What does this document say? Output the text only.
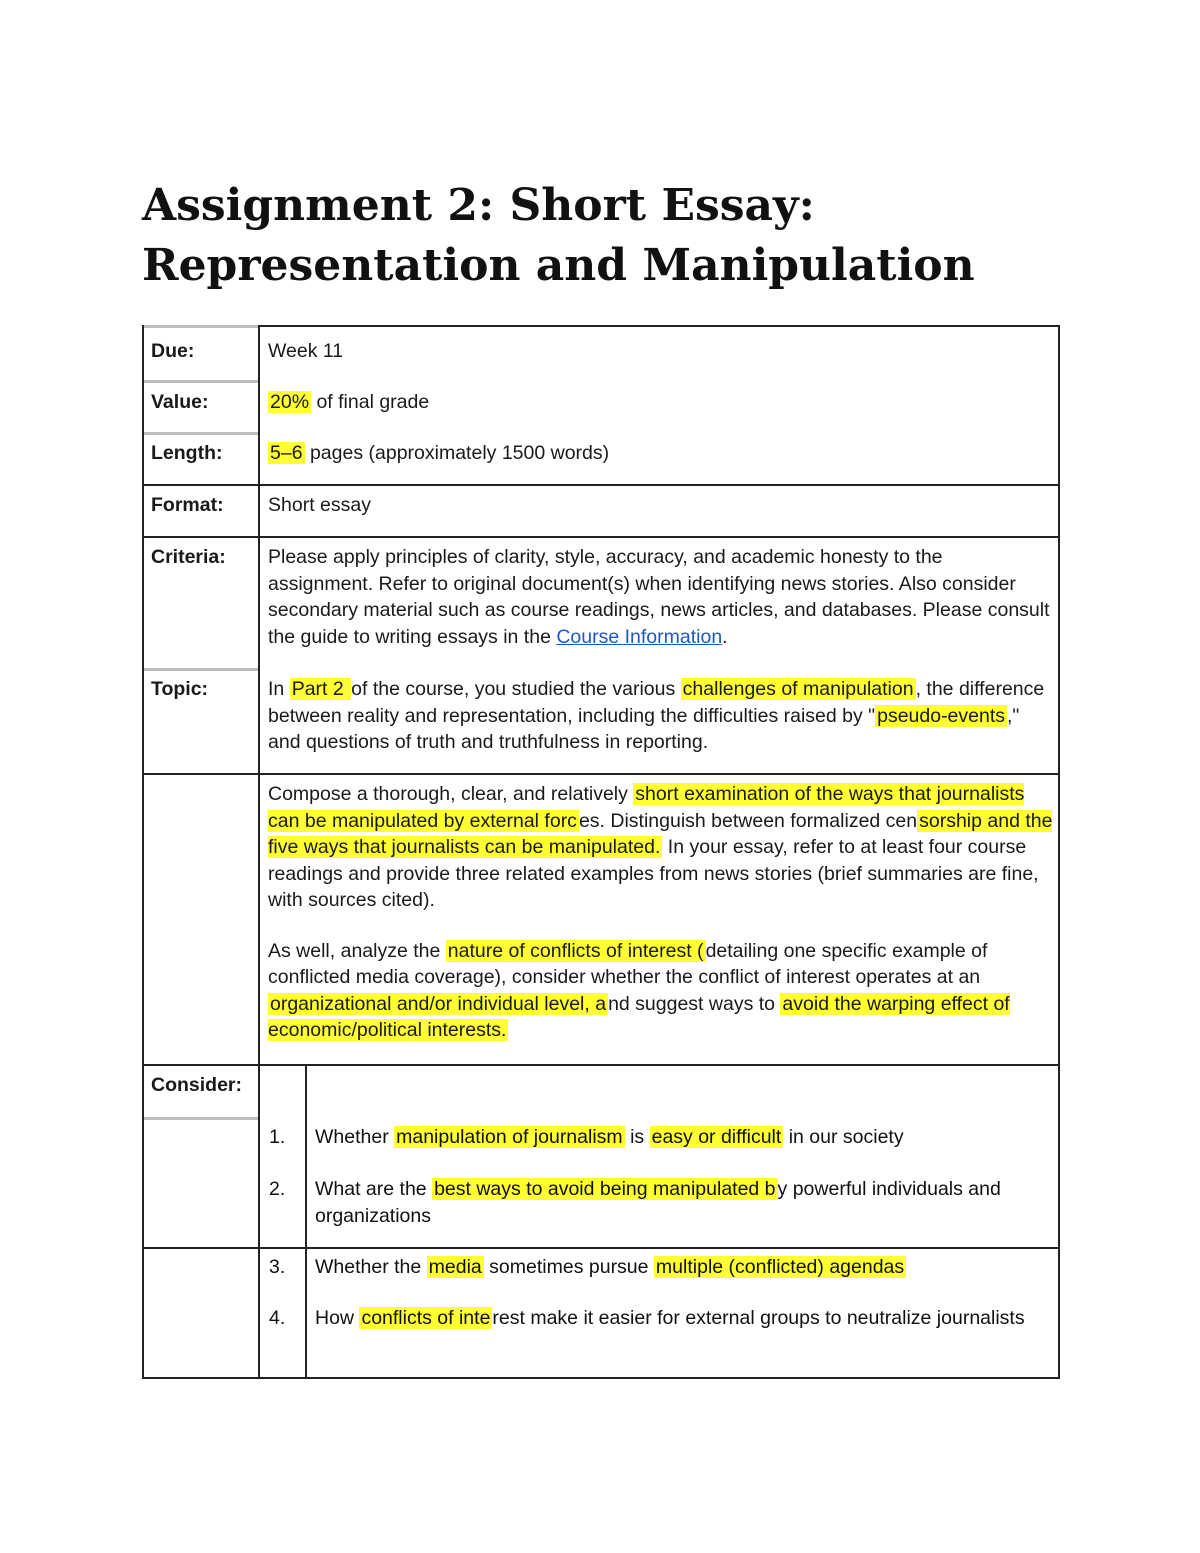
Assignment 2: Short Essay:
Representation and Manipulation
Due:	Week 11
Value:	20% of final grade
Length: 5–6 pages (approximately 1500 words)
Format: Short essay
Criteria: Please apply principles of clarity, style, accuracy, and academic honesty to the assignment. Refer to original document(s) when identifying news stories. Also consider secondary material such as course readings, news articles, and databases. Please consult the guide to writing essays in the Course Information.
Topic:	In Part 2 of the course, you studied the various challenges of manipulation , the difference between reality and representation, including the difficulties raised by " pseudo-events ," and questions of truth and truthfulness in reporting.

Compose a thorough, clear, and relatively short examination of the ways that journalists can be manipulated by external forc es. Distinguish between formalized cen sorship and the five ways that journalists can be manipulated. In your essay, refer to at least four course readings and provide three related examples from news stories (brief summaries are fine, with sources cited).

As well, analyze the nature of conflicts of interest ( detailing one specific example of conflicted media coverage), consider whether the conflict of interest operates at an organizational and/or individual level, a nd suggest ways to avoid the warping effect of economic/political interests.

Consider:
1.	Whether manipulation of journalism is easy or difficult in our society
2.	What are the best ways to avoid being manipulated b y powerful individuals and organizations
3.	Whether the media sometimes pursue multiple (conflicted) agendas
4.	How conflicts of inte rest make it easier for external groups to neutralize journalists
